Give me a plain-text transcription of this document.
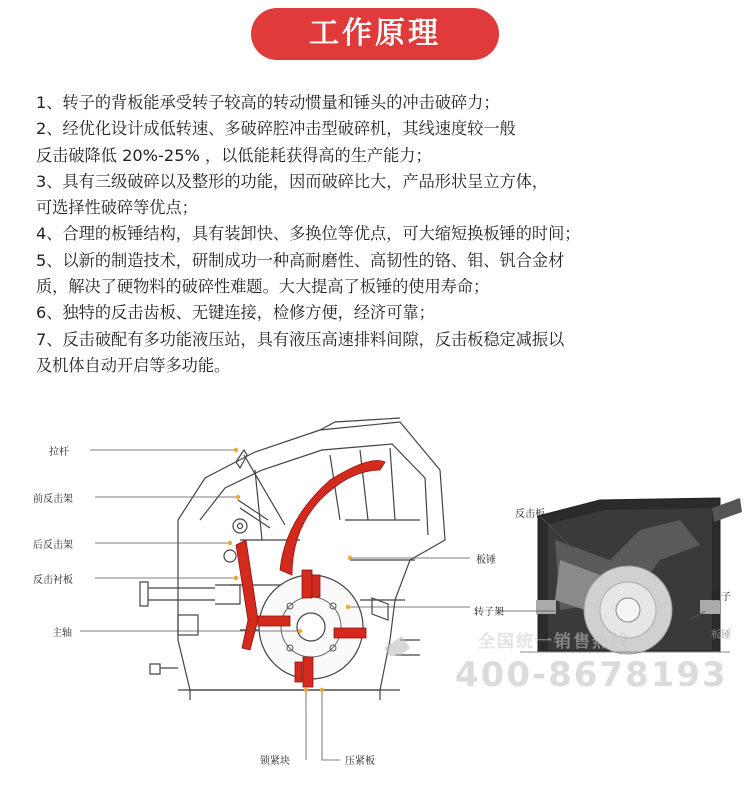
工作原理
1、转子的背板能承受转子较高的转动惯量和锤头的冲击破碎力；
2、经优化设计成低转速、多破碎腔冲击型破碎机，其线速度较一般
反击破降低 20%-25% ，以低能耗获得高的生产能力；
3、具有三级破碎以及整形的功能，因而破碎比大，产品形状呈立方体，
可选择性破碎等优点；
4、合理的板锤结构，具有装卸快、多换位等优点，可大缩短换板锤的时间；
5、以新的制造技术，研制成功一种高耐磨性、高韧性的铬、钼、钒合金材
质，解决了硬物料的破碎性难题。大大提高了板锤的使用寿命；
6、独特的反击齿板、无键连接，检修方便，经济可靠；
7、反击破配有多功能液压站，具有液压高速排料间隙，反击板稳定减振以
及机体自动开启等多功能。
拉杆
前反击架
后反击架
反击衬板
主轴
板锤
转子架
锁紧块	压紧板
反击板
转子
板锤
全国统一销售热线
400-8678193
